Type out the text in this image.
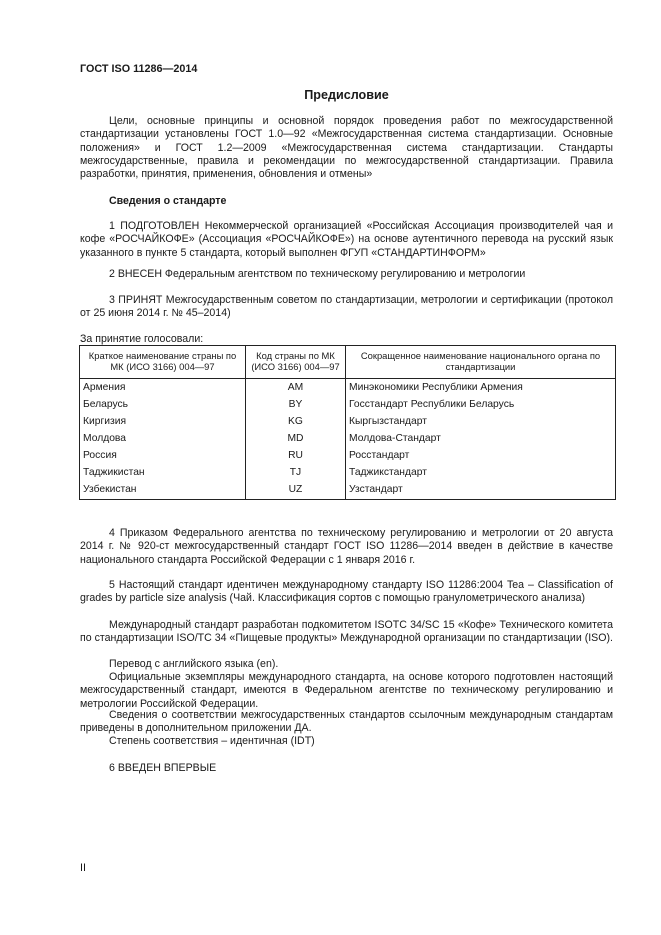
ГОСТ ISO 11286—2014
Предисловие

Цели, основные принципы и основной порядок проведения работ по межгосударственной стандартизации установлены ГОСТ 1.0—92 «Межгосударственная система стандартизации. Основные положения» и ГОСТ 1.2—2009 «Межгосударственная система стандартизации. Стандарты межгосударственные, правила и рекомендации по межгосударственной стандартизации. Правила разработки, принятия, применения, обновления и отмены»

Сведения о стандарте

1 ПОДГОТОВЛЕН Некоммерческой организацией «Российская Ассоциация производителей чая и кофе «РОСЧАЙКОФЕ» (Ассоциация «РОСЧАЙКОФЕ») на основе аутентичного перевода на русский язык указанного в пункте 5 стандарта, который выполнен ФГУП «СТАНДАРТИНФОРМ»

2 ВНЕСЕН Федеральным агентством по техническому регулированию и метрологии

3 ПРИНЯТ Межгосударственным советом по стандартизации, метрологии и сертификации (протокол от 25 июня 2014 г. № 45–2014)

За принятие голосовали:
Краткое наименование страны по МК (ИСО 3166) 004—97	Код страны по МК (ИСО 3166) 004—97	Сокращенное наименование национального органа по стандартизации
Армения	AM	Минэкономики Республики Армения
Беларусь	BY	Госстандарт Республики Беларусь
Киргизия	KG	Кыргызстандарт
Молдова	MD	Молдова-Стандарт
Россия	RU	Росстандарт
Таджикистан	TJ	Таджикстандарт
Узбекистан	UZ	Узстандарт

4 Приказом Федерального агентства по техническому регулированию и метрологии от 20 августа 2014 г. № 920-ст межгосударственный стандарт ГОСТ ISO 11286—2014 введен в действие в качестве национального стандарта Российской Федерации с 1 января 2016 г.

5 Настоящий стандарт идентичен международному стандарту ISO 11286:2004 Tea – Classification of grades by particle size analysis (Чай. Классификация сортов с помощью гранулометрического анализа)

Международный стандарт разработан подкомитетом ISOTC 34/SC 15 «Кофе» Технического комитета по стандартизации ISO/TC 34 «Пищевые продукты» Международной организации по стандартизации (ISO).

Перевод с английского языка (en).

Официальные экземпляры международного стандарта, на основе которого подготовлен настоящий межгосударственный стандарт, имеются в Федеральном агентстве по техническому регулированию и метрологии Российской Федерации.

Сведения о соответствии межгосударственных стандартов ссылочным международным стандартам приведены в дополнительном приложении ДА.

Степень соответствия – идентичная (IDT)

6 ВВЕДЕН ВПЕРВЫЕ

II
